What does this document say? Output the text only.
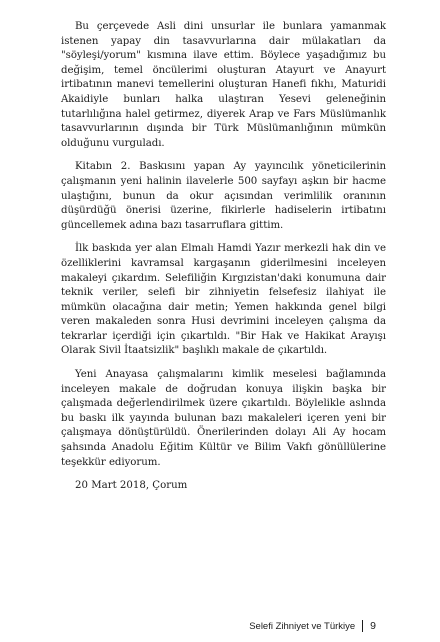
Bu çerçevede Asli dini unsurlar ile bunlara yamanmak istenen yapay din tasavvurlarına dair mülakatları da "söyleşi/yorum" kısmına ilave ettim. Böylece yaşadığımız bu değişim, temel öncülerimi oluşturan Atayurt ve Anayurt irtibatının manevi temellerini oluşturan Hanefi fıkhı, Maturidi Akaidiyle bunları halka ulaştıran Yesevi geleneğinin tutarlılığına halel getirmez, diyerek Arap ve Fars Müslümanlık tasavvurlarının dışında bir Türk Müslümanlığının mümkün olduğunu vurguladı.

Kitabın 2. Baskısını yapan Ay yayıncılık yöneticilerinin çalışmanın yeni halinin ilavelerle 500 sayfayı aşkın bir hacme ulaştığını, bunun da okur açısından verimlilik oranının düşürdüğü önerisi üzerine, fikirlerle hadiselerin irtibatını güncellemek adına bazı tasarruflara gittim.

İlk baskıda yer alan Elmalı Hamdi Yazır merkezli hak din ve özelliklerini kavramsal kargaşanın giderilmesini inceleyen makaleyi çıkardım. Selefiliğin Kırgızistan'daki konumuna dair teknik veriler, selefi bir zihniyetin felsefesiz ilahiyat ile mümkün olacağına dair metin; Yemen hakkında genel bilgi veren makaleden sonra Husi devrimini inceleyen çalışma da tekrarlar içerdiği için çıkartıldı. "Bir Hak ve Hakikat Arayışı Olarak Sivil İtaatsizlik" başlıklı makale de çıkartıldı.

Yeni Anayasa çalışmalarını kimlik meselesi bağlamında inceleyen makale de doğrudan konuya ilişkin başka bir çalışmada değerlendirilmek üzere çıkartıldı. Böylelikle aslında bu baskı ilk yayında bulunan bazı makaleleri içeren yeni bir çalışmaya dönüştürüldü. Önerilerinden dolayı Ali Ay hocam şahsında Anadolu Eğitim Kültür ve Bilim Vakfı gönüllülerine teşekkür ediyorum.

20 Mart 2018, Çorum

Selefi Zihniyet ve Türkiye 9
